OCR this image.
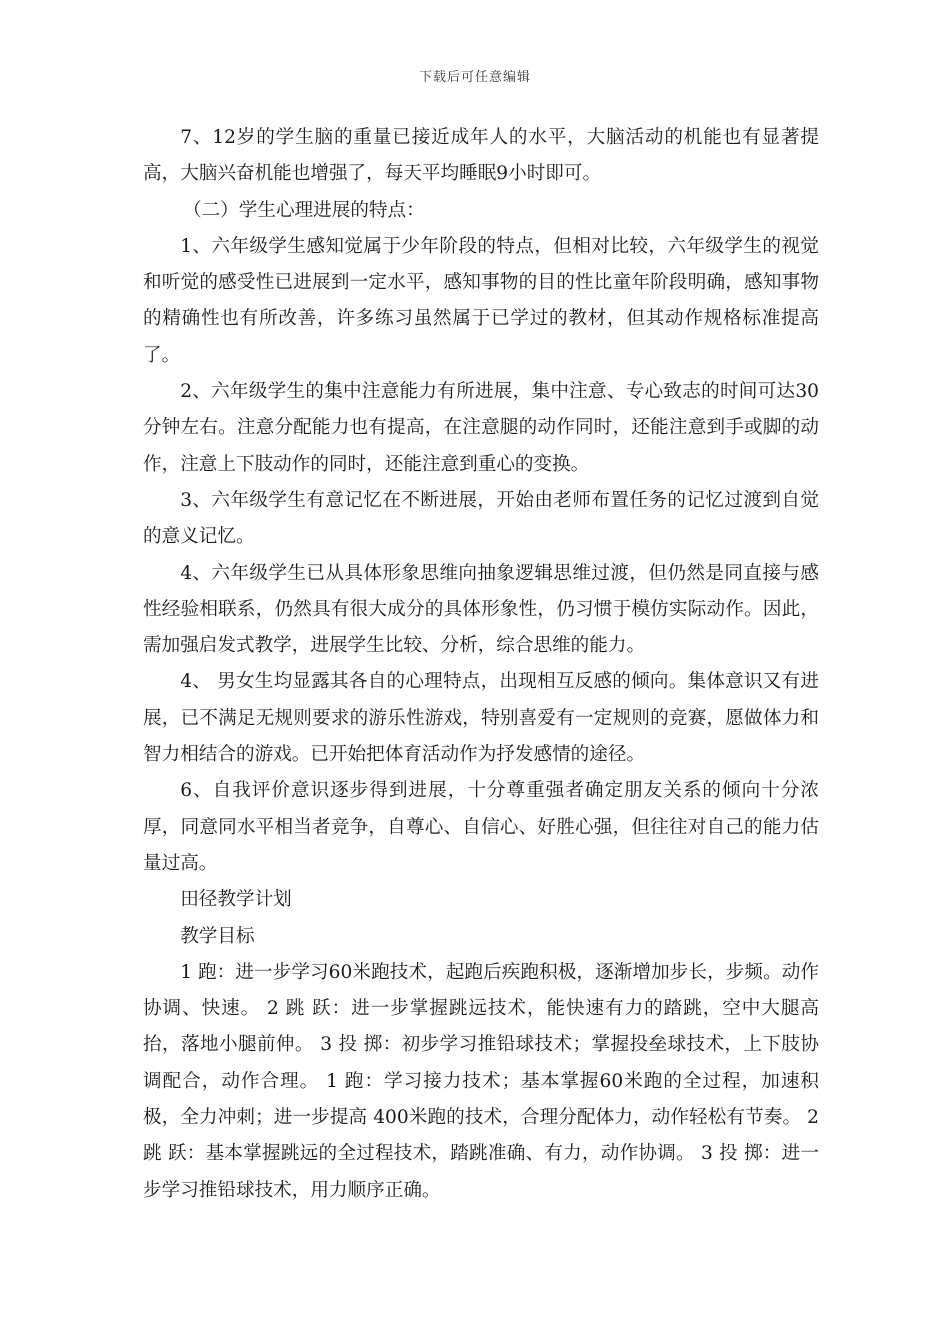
下载后可任意编辑

7、12岁的学生脑的重量已接近成年人的水平，大脑活动的机能也有显著提高，大脑兴奋机能也增强了，每天平均睡眠9小时即可。

（二）学生心理进展的特点：

1、六年级学生感知觉属于少年阶段的特点，但相对比较，六年级学生的视觉和听觉的感受性已进展到一定水平，感知事物的目的性比童年阶段明确，感知事物的精确性也有所改善，许多练习虽然属于已学过的教材，但其动作规格标准提高了。

2、六年级学生的集中注意能力有所进展，集中注意、专心致志的时间可达30分钟左右。注意分配能力也有提高，在注意腿的动作同时，还能注意到手或脚的动作，注意上下肢动作的同时，还能注意到重心的变换。

3、六年级学生有意记忆在不断进展，开始由老师布置任务的记忆过渡到自觉的意义记忆。

4、六年级学生已从具体形象思维向抽象逻辑思维过渡，但仍然是同直接与感性经验相联系，仍然具有很大成分的具体形象性，仍习惯于模仿实际动作。因此，需加强启发式教学，进展学生比较、分析，综合思维的能力。

4、 男女生均显露其各自的心理特点，出现相互反感的倾向。集体意识又有进展，已不满足无规则要求的游乐性游戏，特别喜爱有一定规则的竞赛，愿做体力和智力相结合的游戏。已开始把体育活动作为抒发感情的途径。

6、自我评价意识逐步得到进展，十分尊重强者确定朋友关系的倾向十分浓厚，同意同水平相当者竞争，自尊心、自信心、好胜心强，但往往对自己的能力估量过高。

田径教学计划

教学目标

1 跑：进一步学习60米跑技术，起跑后疾跑积极，逐渐增加步长，步频。动作协调、快速。 2 跳 跃：进一步掌握跳远技术，能快速有力的踏跳，空中大腿高抬，落地小腿前伸。 3 投 掷：初步学习推铅球技术；掌握投垒球技术，上下肢协调配合，动作合理。 1 跑：学习接力技术；基本掌握60米跑的全过程，加速积极，全力冲刺；进一步提高 400米跑的技术，合理分配体力，动作轻松有节奏。 2 跳 跃：基本掌握跳远的全过程技术，踏跳准确、有力，动作协调。 3 投 掷：进一步学习推铅球技术，用力顺序正确。
